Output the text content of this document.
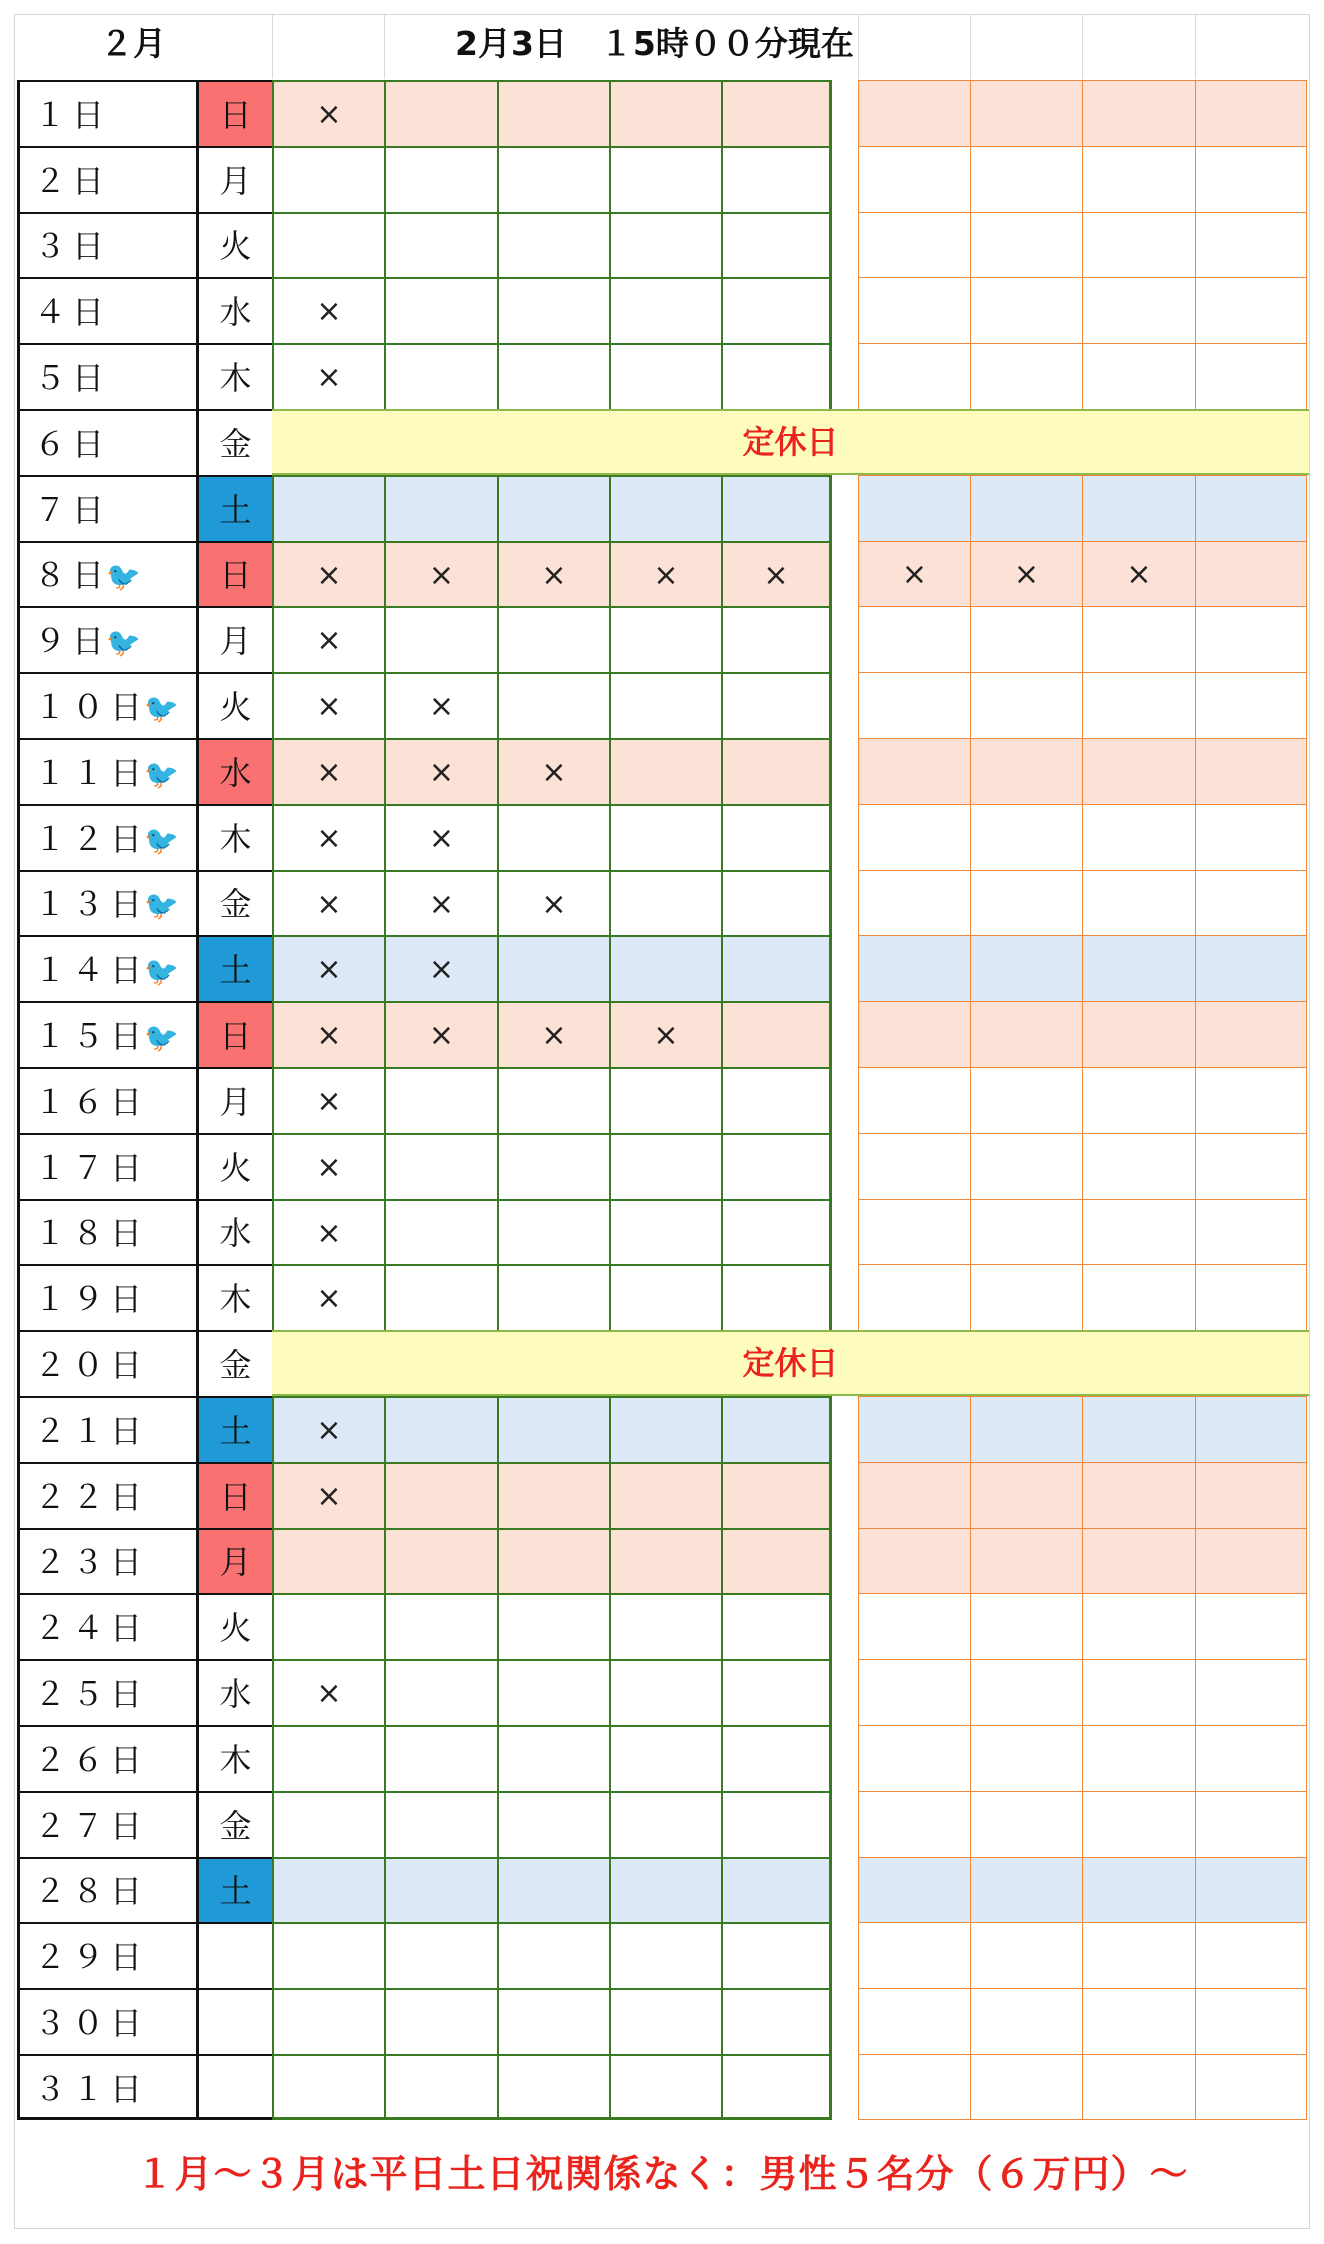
２月	2月3日　１5時００分現在
１日	日	×
２日	月
３日	火
４日	水	×
５日	木	×
６日	金	定休日
７日	土
８日🐦	日	×	×	×	×	×	×	×	×
９日🐦	月	×
１０日🐦	火	×	×
１１日🐦	水	×	×	×
１２日🐦	木	×	×
１３日🐦	金	×	×	×
１４日🐦	土	×	×
１５日🐦	日	×	×	×	×
１６日	月	×
１７日	火	×
１８日	水	×
１９日	木	×
２０日	金	定休日
２１日	土	×
２２日	日	×
２３日	月
２４日	火
２５日	水	×
２６日	木
２７日	金
２８日	土
２９日
３０日
３１日
１月～３月は平日土日祝関係なく：男性５名分（６万円）～
